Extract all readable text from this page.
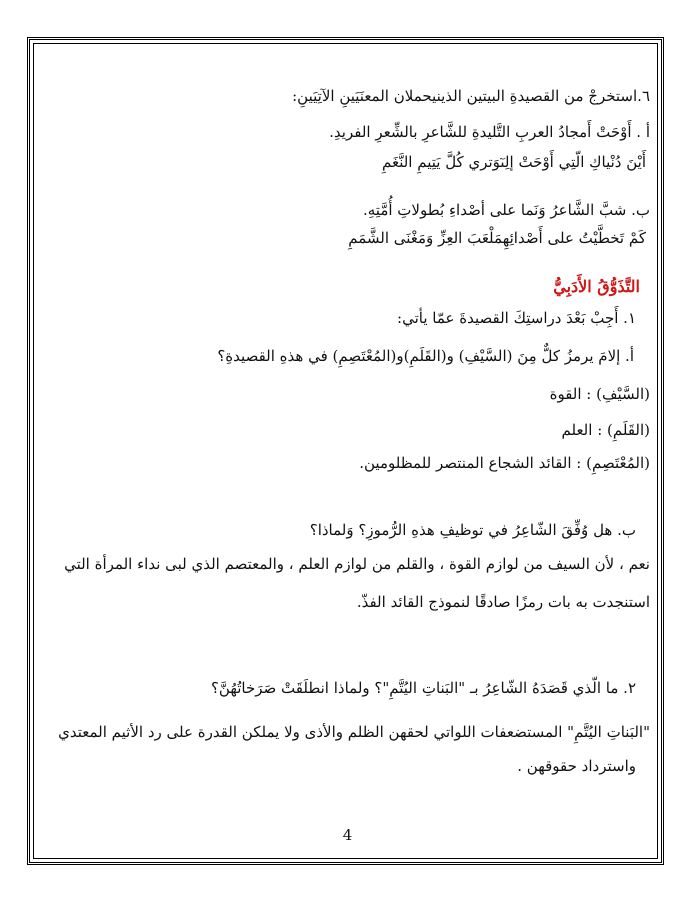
٦.استخرجْ من القصيدةِ البيتين الذينيحملان المعنَيَينِ الآتِيَينِ:
أ . أَوْحَتْ أَمجادُ العربِ التَّليدةِ للشَّاعرِ بالشِّعرِ الفريدِ.
أَيْنَ دُنْياكِ الّتِي أَوْحَتْ إلِىٓوَتري كُلَّ يَتِيمِ النَّغَمِ
ب. شبَّ الشَّاعرُ وَنَما على أصْداءِ بُطولاتِ أُمَّتِهِ.
كَمْ تَخطَّيْتُ على أَصْدائِهِمَلْعَبَ العِزِّ وَمَغْنَى الشَّمَمِ
التَّذَوُّقُ الأَدَبِيُّ
١. أَجِبْ بَعْدَ دراستِكَ القصيدةَ عمّا يأتي:
أ. إلامَ يرمزُ كلٌّ مِنَ (السَّيْفِ) و(القَلَمِ)و(المُعْتَصِمِ) في هذهِ القصيدةِ؟
(السَّيْفِ) : القوة
(القَلَمِ) : العلم
(المُعْتَصِمِ) : القائد الشجاع المنتصر للمظلومين.
ب. هل وُفِّقَ الشّاعِرُ في توظيفِ هذهِ الرُّموزِ؟ وَلماذا؟
نعم ، لأن السيف من لوازم القوة ، والقلم من لوازم العلم ، والمعتصم الذي لبى نداء المرأة التي
استنجدت به بات رمزًا صادقًا لنموذج القائد الفذّ.
٢. ما الّذي قَصَدَهُ الشّاعِرُ بـ "البَناتِ اليُتَّمِ"؟ ولماذا انطلَقَتْ صَرَخاتُهُنَّ؟
"البَناتِ اليُتَّمِ" المستضعفات اللواتي لحقهن الظلم والأذى ولا يملكن القدرة على رد الأثيم المعتدي
واسترداد حقوقهن .
4
